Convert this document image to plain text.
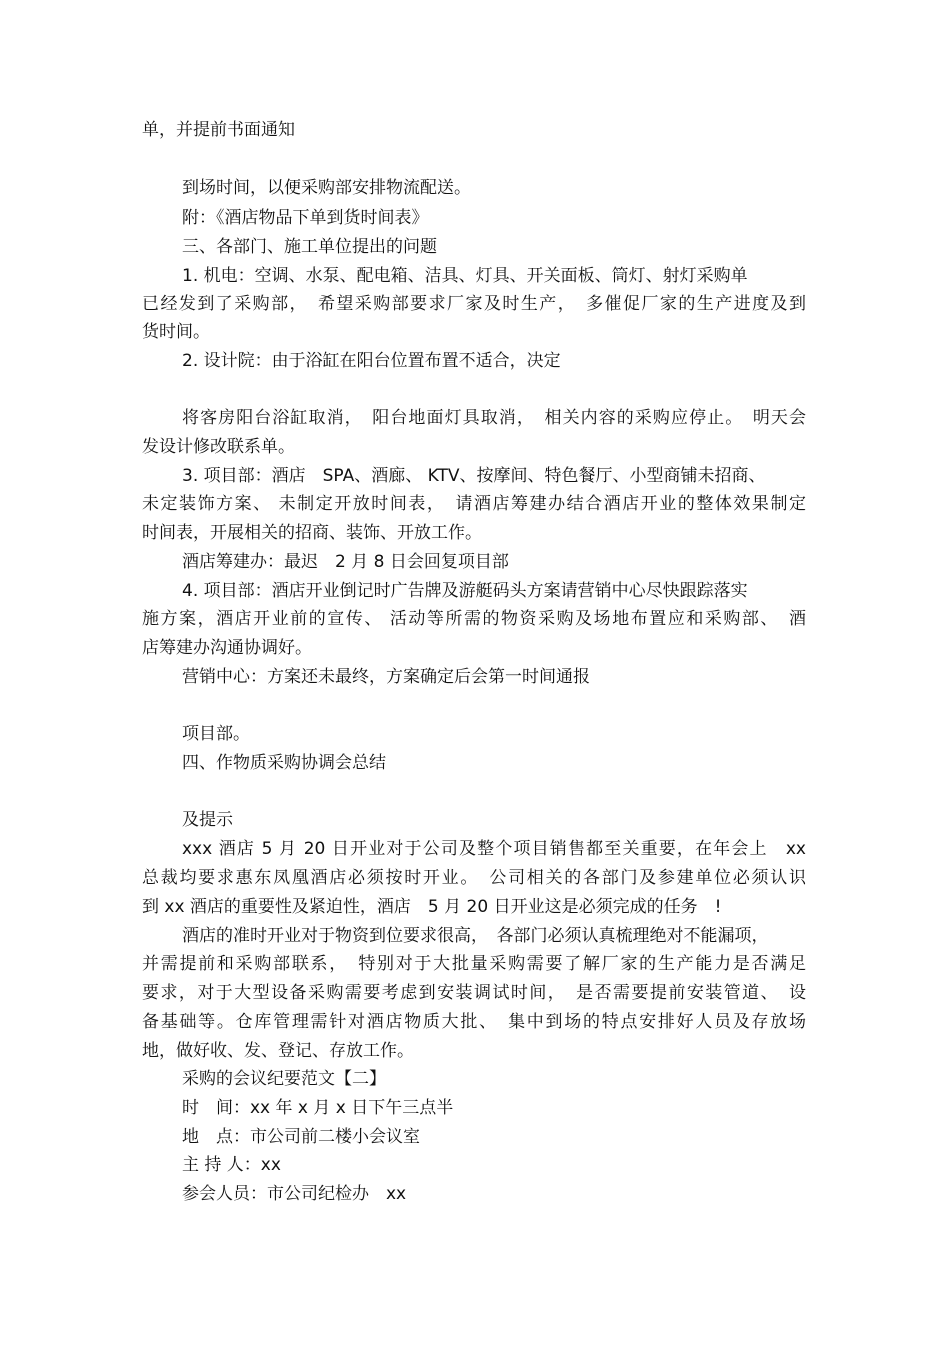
单，并提前书面通知

到场时间，以便采购部安排物流配送。

附：《酒店物品下单到货时间表》

三、各部门、施工单位提出的问题

1. 机电：空调、水泵、配电箱、洁具、灯具、开关面板、筒灯、射灯采购单

已经发到了采购部，　希望采购部要求厂家及时生产，　多催促厂家的生产进度及到

货时间。

2. 设计院：由于浴缸在阳台位置布置不适合，决定

将客房阳台浴缸取消，　阳台地面灯具取消，　相关内容的采购应停止。　明天会

发设计修改联系单。

3. 项目部：酒店　SPA、酒廊、 KTV、按摩间、特色餐厅、小型商铺未招商、

未定装饰方案、 未制定开放时间表，　请酒店筹建办结合酒店开业的整体效果制定

时间表，开展相关的招商、装饰、开放工作。

酒店筹建办：最迟　2 月 8 日会回复项目部

4. 项目部：酒店开业倒记时广告牌及游艇码头方案请营销中心尽快跟踪落实

施方案，酒店开业前的宣传、 活动等所需的物资采购及场地布置应和采购部、　酒

店筹建办沟通协调好。

营销中心：方案还未最终，方案确定后会第一时间通报

项目部。

四、作物质采购协调会总结

及提示

xxx 酒店 5 月 20 日开业对于公司及整个项目销售都至关重要，在年会上　xx

总裁均要求惠东凤凰酒店必须按时开业。　公司相关的各部门及参建单位必须认识

到 xx 酒店的重要性及紧迫性，酒店　5 月 20 日开业这是必须完成的任务　!

酒店的准时开业对于物资到位要求很高，　各部门必须认真梳理绝对不能漏项，

并需提前和采购部联系，　特别对于大批量采购需要了解厂家的生产能力是否满足

要求，对于大型设备采购需要考虑到安装调试时间，　是否需要提前安装管道、　设

备基础等。仓库管理需针对酒店物质大批、　集中到场的特点安排好人员及存放场

地，做好收、发、登记、存放工作。

采购的会议纪要范文【二】

时　间：xx 年 x 月 x 日下午三点半

地　点：市公司前二楼小会议室

主 持 人：xx

参会人员：市公司纪检办　xx
